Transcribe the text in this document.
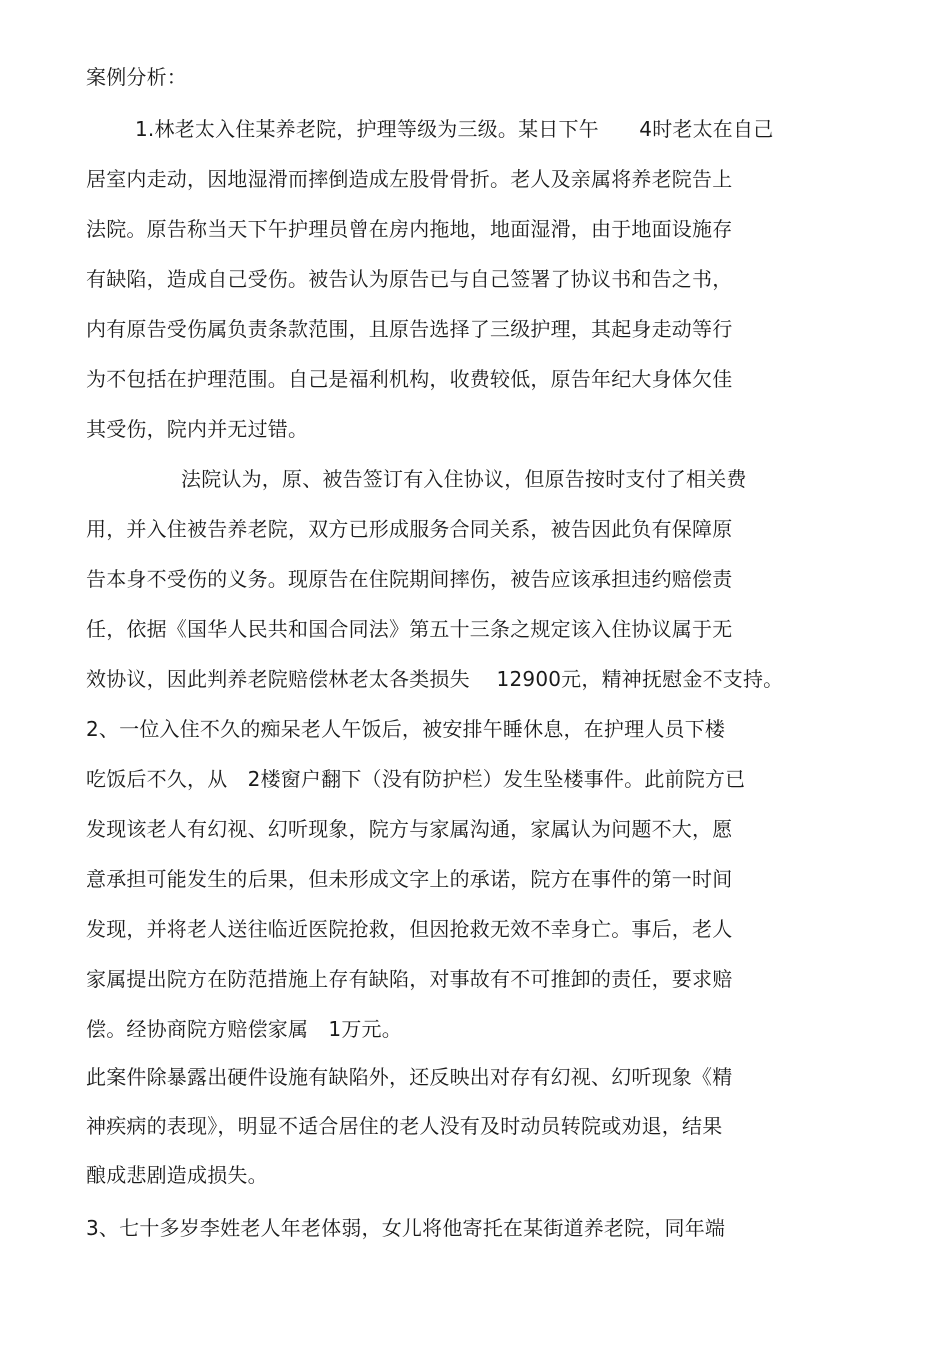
案例分析：
1.林老太入住某养老院，护理等级为三级。某日下午　　4时老太在自己
居室内走动，因地湿滑而摔倒造成左股骨骨折。老人及亲属将养老院告上
法院。原告称当天下午护理员曾在房内拖地，地面湿滑，由于地面设施存
有缺陷，造成自己受伤。被告认为原告已与自己签署了协议书和告之书，
内有原告受伤属负责条款范围，且原告选择了三级护理，其起身走动等行
为不包括在护理范围。自己是福利机构，收费较低，原告年纪大身体欠佳
其受伤，院内并无过错。
法院认为，原、被告签订有入住协议，但原告按时支付了相关费
用，并入住被告养老院，双方已形成服务合同关系，被告因此负有保障原
告本身不受伤的义务。现原告在住院期间摔伤，被告应该承担违约赔偿责
任，依据《国华人民共和国合同法》第五十三条之规定该入住协议属于无
效协议，因此判养老院赔偿林老太各类损失　 12900元，精神抚慰金不支持。
2、一位入住不久的痴呆老人午饭后，被安排午睡休息，在护理人员下楼
吃饭后不久，从　2楼窗户翻下（没有防护栏）发生坠楼事件。此前院方已
发现该老人有幻视、幻听现象，院方与家属沟通，家属认为问题不大，愿
意承担可能发生的后果，但未形成文字上的承诺，院方在事件的第一时间
发现，并将老人送往临近医院抢救，但因抢救无效不幸身亡。事后，老人
家属提出院方在防范措施上存有缺陷，对事故有不可推卸的责任，要求赔
偿。经协商院方赔偿家属　1万元。
此案件除暴露出硬件设施有缺陷外，还反映出对存有幻视、幻听现象《精
神疾病的表现》，明显不适合居住的老人没有及时动员转院或劝退，结果
酿成悲剧造成损失。
3、七十多岁李姓老人年老体弱，女儿将他寄托在某街道养老院，同年端
